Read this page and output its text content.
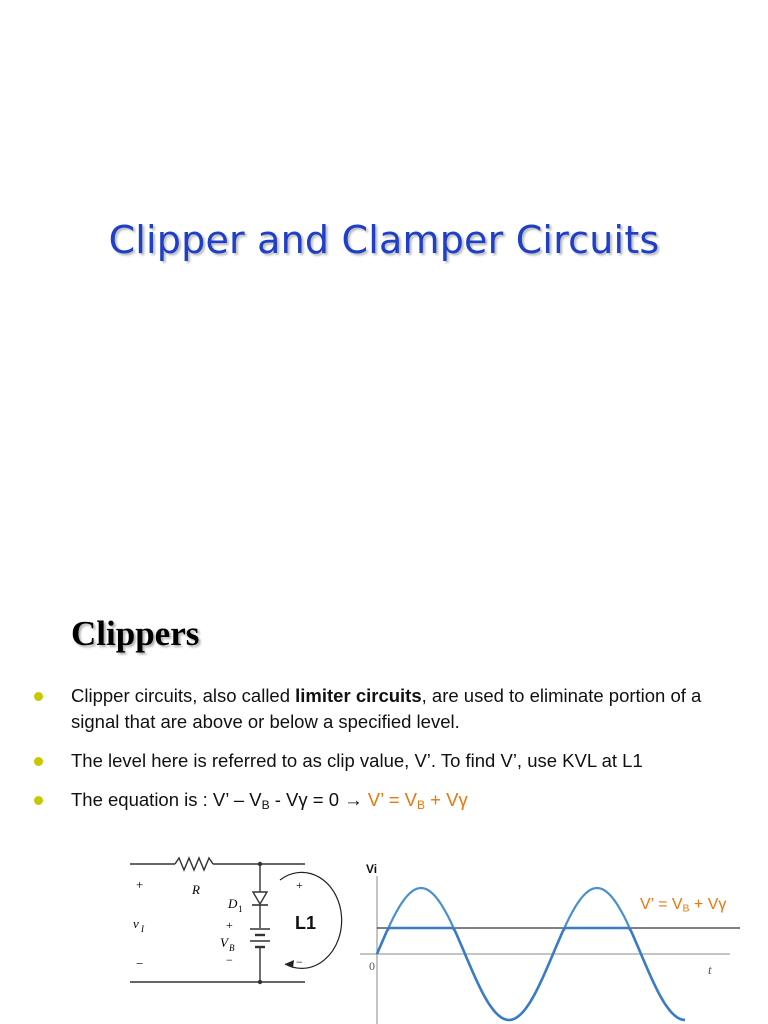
Clipper and Clamper Circuits
Clippers
Clipper circuits, also called limiter circuits, are used to eliminate portion of a signal that are above or below a specified level.
The level here is referred to as clip value, V’. To find V’, use KVL at L1
The equation is : V’ – $V_B - V\gamma = 0 \to V$’ = $V_B + V\gamma$
+
−
R
v I
D 1
+
V B
−
+
−
L1
Vi
0	t
V’ = $V_B + V\gamma$
